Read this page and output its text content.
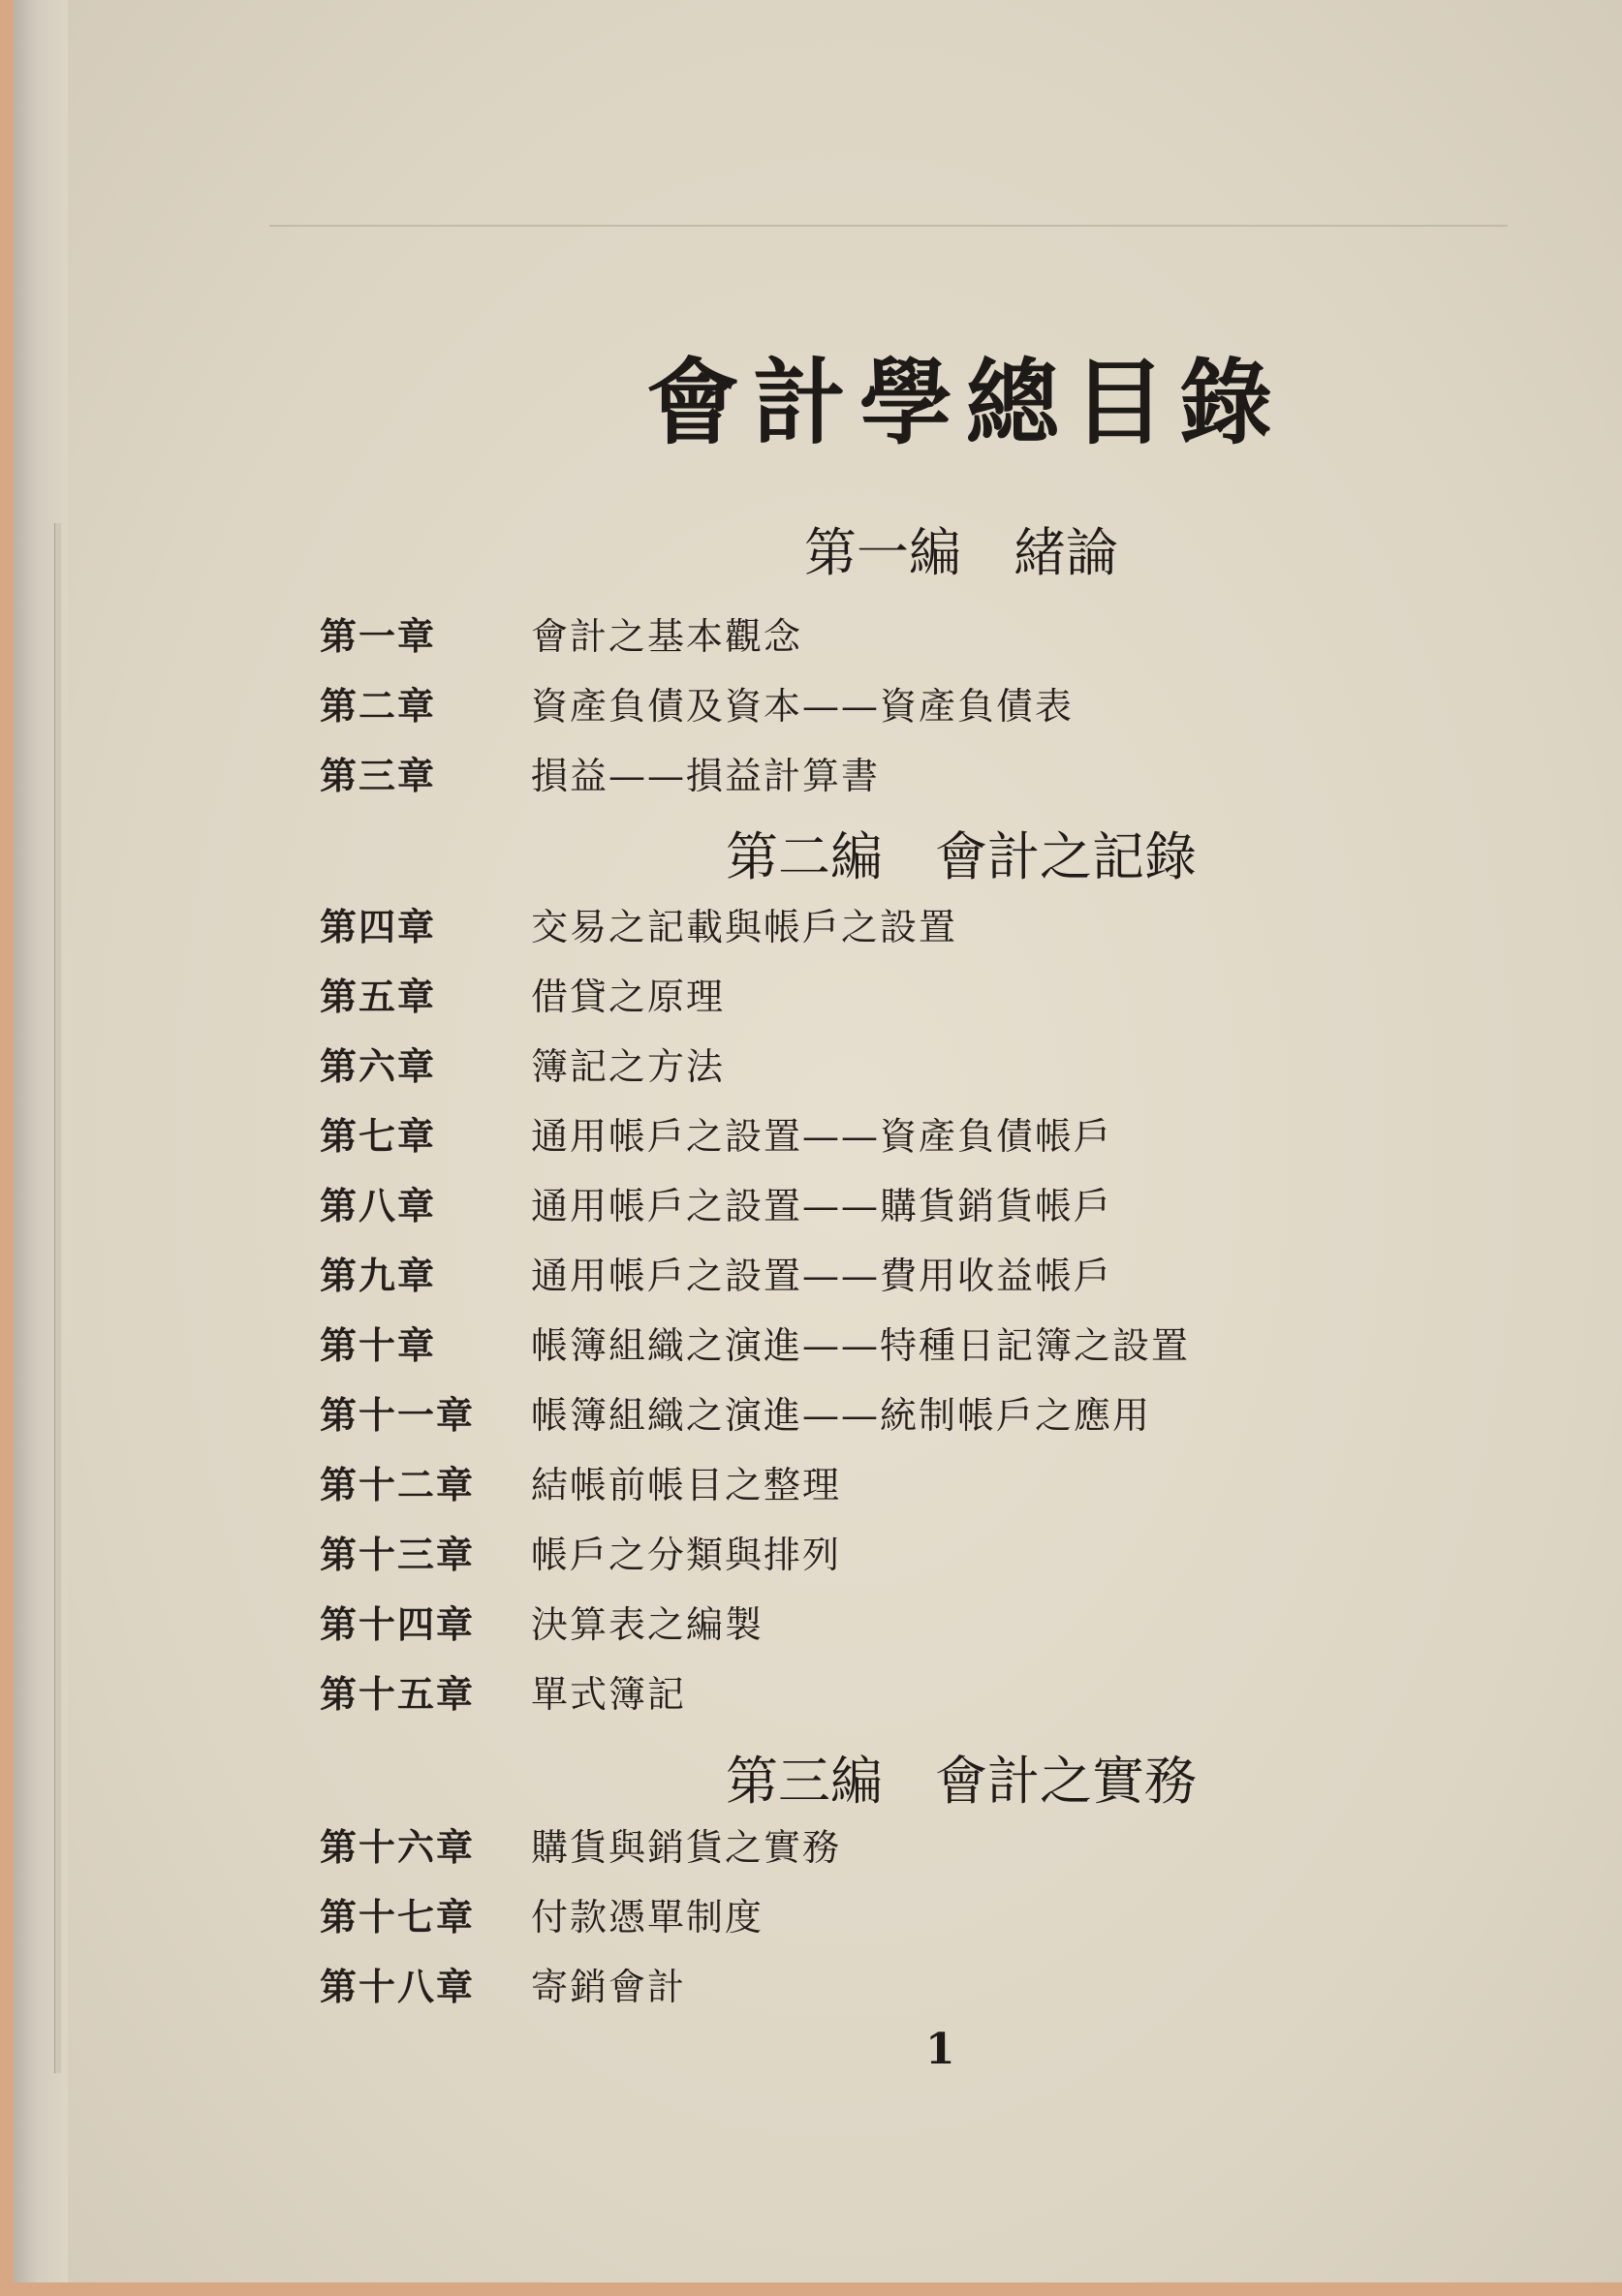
會計學總目錄
第一編 緒論
第一章	會計之基本觀念
第二章	資產負債及資本——資產負債表
第三章	損益——損益計算書
第二編 會計之記錄
第四章	交易之記載與帳戶之設置
第五章	借貸之原理
第六章	簿記之方法
第七章	通用帳戶之設置——資產負債帳戶
第八章	通用帳戶之設置——購貨銷貨帳戶
第九章	通用帳戶之設置——費用收益帳戶
第十章	帳簿組織之演進——特種日記簿之設置
第十一章 帳簿組織之演進——統制帳戶之應用
第十二章 結帳前帳目之整理
第十三章 帳戶之分類與排列
第十四章 決算表之編製
第十五章 單式簿記
第三編 會計之實務
第十六章 購貨與銷貨之實務
第十七章 付款憑單制度
第十八章 寄銷會計
1
